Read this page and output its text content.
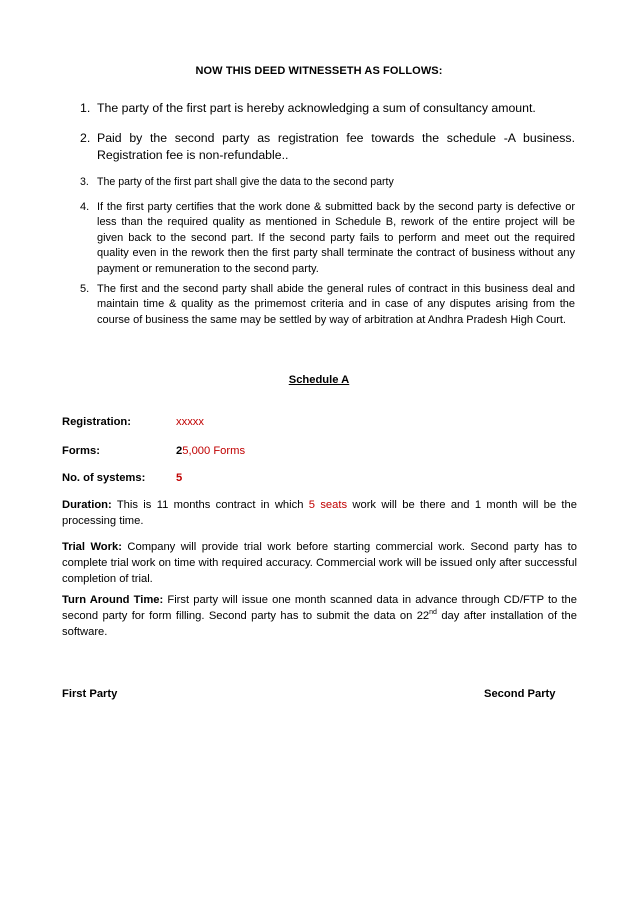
NOW THIS DEED WITNESSETH AS FOLLOWS:
1. The party of the first part is hereby acknowledging a sum of consultancy amount.
2. Paid by the second party as registration fee towards the schedule -A business. Registration fee is non-refundable..
3. The party of the first part shall give the data to the second party
4. If the first party certifies that the work done & submitted back by the second party is defective or less than the required quality as mentioned in Schedule B, rework of the entire project will be given back to the second part. If the second party fails to perform and meet out the required quality even in the rework then the first party shall terminate the contract of business without any payment or remuneration to the second party.
5. The first and the second party shall abide the general rules of contract in this business deal and maintain time & quality as the primemost criteria and in case of any disputes arising from the course of business the same may be settled by way of arbitration at Andhra Pradesh High Court.
Schedule A
Registration:	xxxxx
Forms:	25,000 Forms
No. of systems:	5
Duration: This is 11 months contract in which 5 seats work will be there and 1 month will be the processing time.
Trial Work: Company will provide trial work before starting commercial work. Second party has to complete trial work on time with required accuracy. Commercial work will be issued only after successful completion of trial.
Turn Around Time: First party will issue one month scanned data in advance through CD/FTP to the second party for form filling. Second party has to submit the data on 22nd day after installation of the software.
First Party	Second Party
